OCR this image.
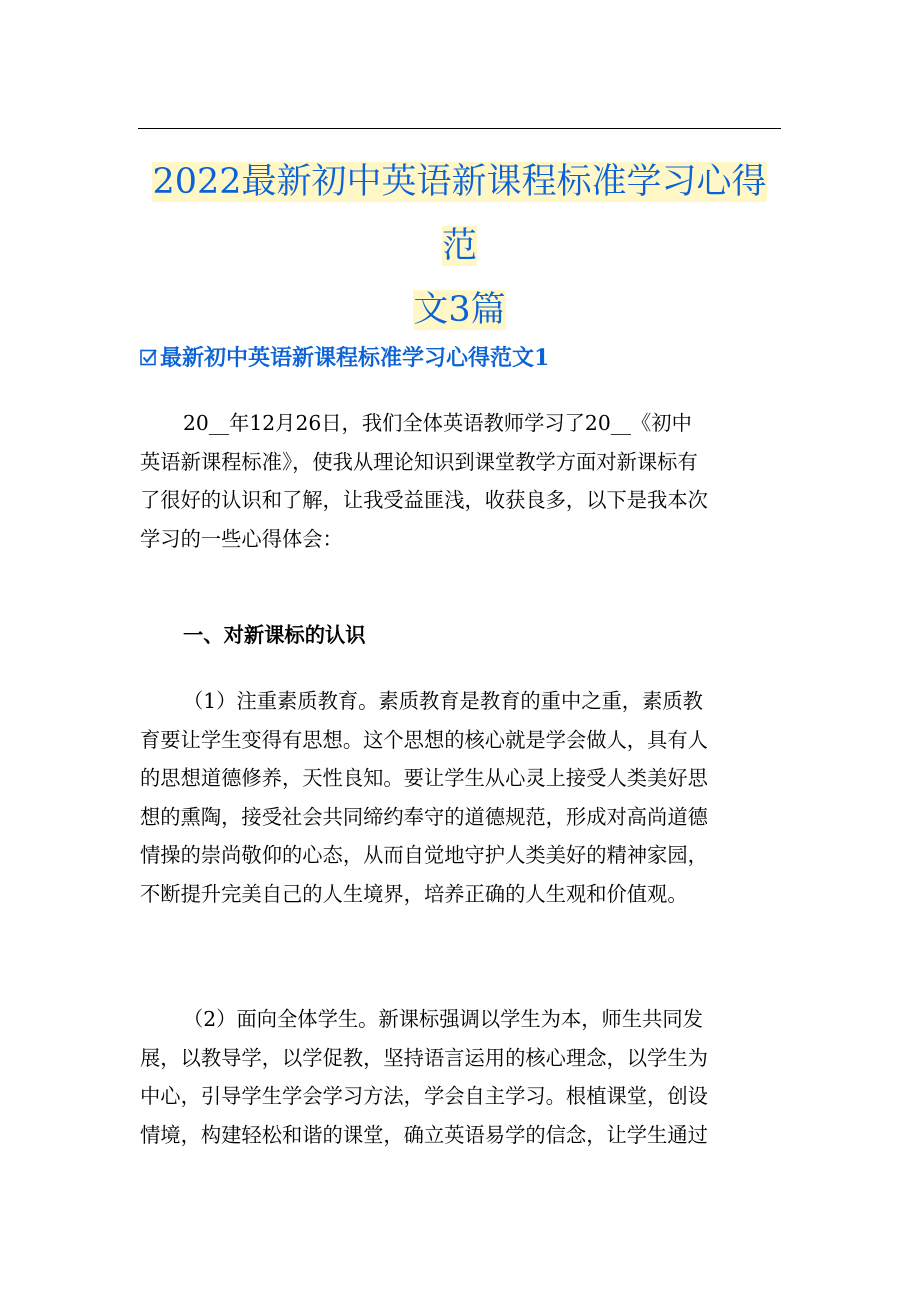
2022最新初中英语新课程标准学习心得范
文3篇
最新初中英语新课程标准学习心得范文1
20__年12月26日，我们全体英语教师学习了20__《初中
英语新课程标准》，使我从理论知识到课堂教学方面对新课标有
了很好的认识和了解，让我受益匪浅，收获良多，以下是我本次
学习的一些心得体会：
一、对新课标的认识
（1）注重素质教育。素质教育是教育的重中之重，素质教
育要让学生变得有思想。这个思想的核心就是学会做人，具有人
的思想道德修养，天性良知。要让学生从心灵上接受人类美好思
想的熏陶，接受社会共同缔约奉守的道德规范，形成对高尚道德
情操的崇尚敬仰的心态，从而自觉地守护人类美好的精神家园，
不断提升完美自己的人生境界，培养正确的人生观和价值观。
（2）面向全体学生。新课标强调以学生为本，师生共同发
展，以教导学，以学促教，坚持语言运用的核心理念，以学生为
中心，引导学生学会学习方法，学会自主学习。根植课堂，创设
情境，构建轻松和谐的课堂，确立英语易学的信念，让学生通过
